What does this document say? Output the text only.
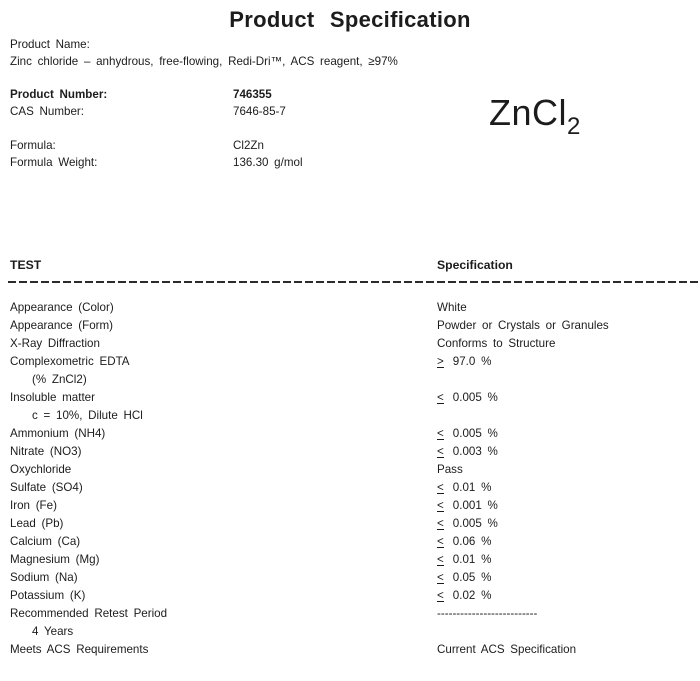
Product Specification
Product Name:
Zinc chloride – anhydrous, free-flowing, Redi-Dri™, ACS reagent, ≥97%
Product Number:	746355
CAS Number:	7646-85-7
Formula:	Cl2Zn
Formula Weight:	136.30 g/mol
ZnCl$_2$
TEST	Specification
Appearance (Color)	White
Appearance (Form)	Powder or Crystals or Granules
X-Ray Diffraction	Conforms to Structure
Complexometric EDTA	> 97.0 %
(% ZnCl2)
Insoluble matter	< 0.005 %
c = 10%, Dilute HCl
Ammonium (NH4)	< 0.005 %
Nitrate (NO3)	< 0.003 %
Oxychloride	Pass
Sulfate (SO4)	< 0.01 %
Iron (Fe)	< 0.001 %
Lead (Pb)	< 0.005 %
Calcium (Ca)	< 0.06 %
Magnesium (Mg)	< 0.01 %
Sodium (Na)	< 0.05 %
Potassium (K)	< 0.02 %
Recommended Retest Period	--------------------------
4 Years
Meets ACS Requirements	Current ACS Specification
